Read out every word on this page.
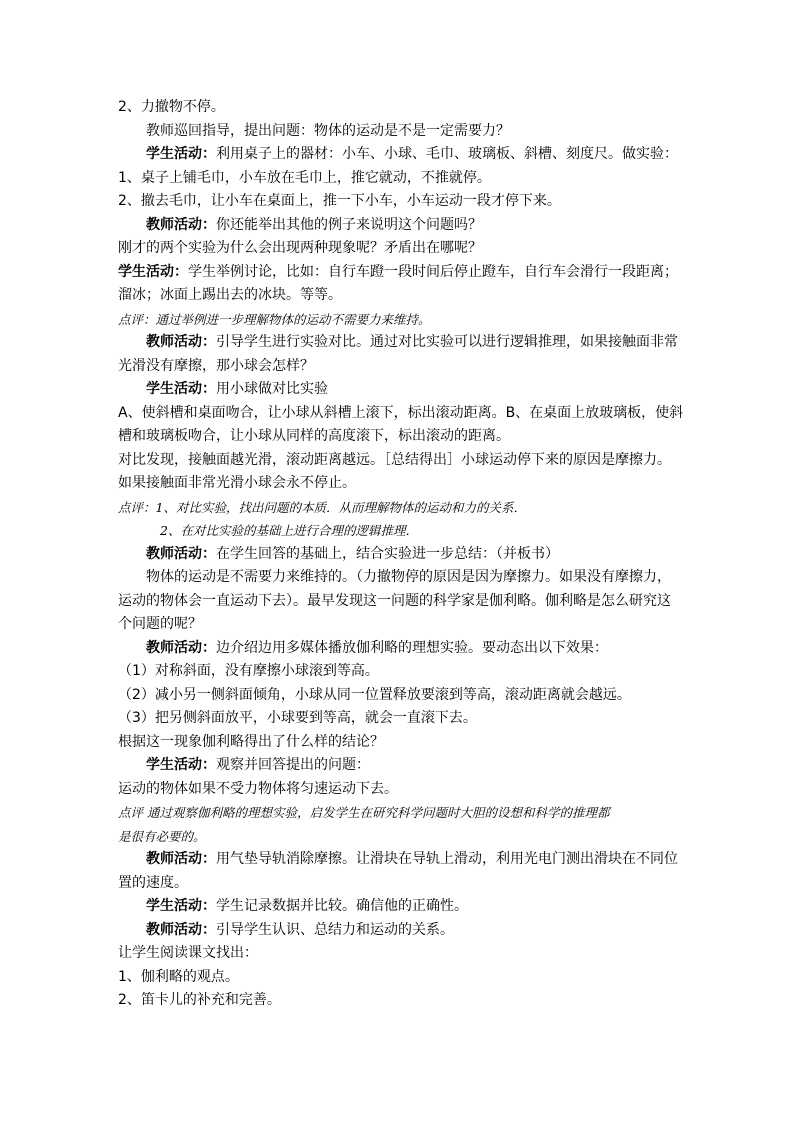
2、力撤物不停。
教师巡回指导，提出问题：物体的运动是不是一定需要力？
学生活动：利用桌子上的器材：小车、小球、毛巾、玻璃板、斜槽、刻度尺。做实验：
1、桌子上铺毛巾，小车放在毛巾上，推它就动，不推就停。
2、撤去毛巾，让小车在桌面上，推一下小车，小车运动一段才停下来。
教师活动：你还能举出其他的例子来说明这个问题吗？
刚才的两个实验为什么会出现两种现象呢？矛盾出在哪呢？
学生活动：学生举例讨论，比如：自行车蹬一段时间后停止蹬车，自行车会滑行一段距离；
溜冰；冰面上踢出去的冰块。等等。
点评：通过举例进一步理解物体的运动不需要力来维持。
教师活动：引导学生进行实验对比。通过对比实验可以进行逻辑推理，如果接触面非常
光滑没有摩擦，那小球会怎样？
学生活动：用小球做对比实验
A、使斜槽和桌面吻合，让小球从斜槽上滚下，标出滚动距离。B、在桌面上放玻璃板，使斜
槽和玻璃板吻合，让小球从同样的高度滚下，标出滚动的距离。
对比发现，接触面越光滑，滚动距离越远。［总结得出］小球运动停下来的原因是摩擦力。
如果接触面非常光滑小球会永不停止。
点评：1、对比实验，找出问题的本质．从而理解物体的运动和力的关系．
2、在对比实验的基础上进行合理的逻辑推理．
教师活动：在学生回答的基础上，结合实验进一步总结：（并板书）
物体的运动是不需要力来维持的。（力撤物停的原因是因为摩擦力。如果没有摩擦力，
运动的物体会一直运动下去）。最早发现这一问题的科学家是伽利略。伽利略是怎么研究这
个问题的呢？
教师活动：边介绍边用多媒体播放伽利略的理想实验。要动态出以下效果：
（1）对称斜面，没有摩擦小球滚到等高。
（2）减小另一侧斜面倾角，小球从同一位置释放要滚到等高，滚动距离就会越远。
（3）把另侧斜面放平，小球要到等高，就会一直滚下去。
根据这一现象伽利略得出了什么样的结论？
学生活动：观察并回答提出的问题：
运动的物体如果不受力物体将匀速运动下去。
点评 通过观察伽利略的理想实验，启发学生在研究科学问题时大胆的设想和科学的推理都
是很有必要的。
教师活动：用气垫导轨消除摩擦。让滑块在导轨上滑动，利用光电门测出滑块在不同位
置的速度。
学生活动：学生记录数据并比较。确信他的正确性。
教师活动：引导学生认识、总结力和运动的关系。
让学生阅读课文找出：
1、伽利略的观点。
2、笛卡儿的补充和完善。
